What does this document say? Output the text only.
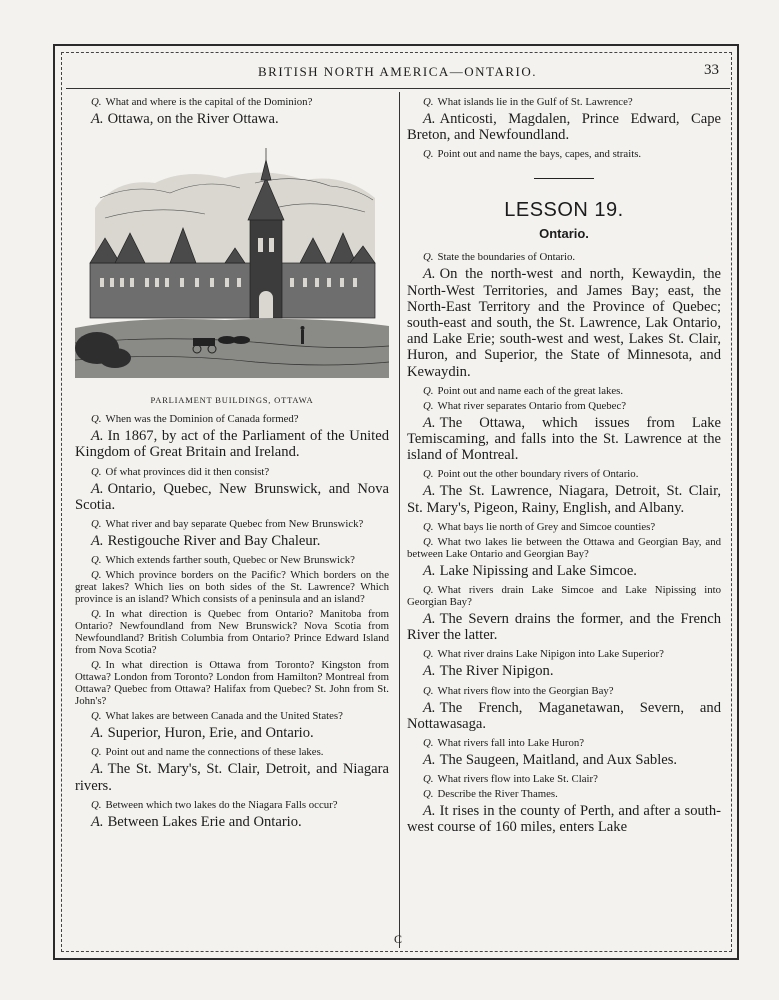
BRITISH NORTH AMERICA—ONTARIO.	33
Q. What and where is the capital of the Dominion?
A. Ottawa, on the River Ottawa.
PARLIAMENT BUILDINGS, OTTAWA
Q. When was the Dominion of Canada formed?
A. In 1867, by act of the Parliament of the United Kingdom of Great Britain and Ireland.
Q. Of what provinces did it then consist?
A. Ontario, Quebec, New Brunswick, and Nova Scotia.
Q. What river and bay separate Quebec from New Brunswick?
A. Restigouche River and Bay Chaleur.
Q. Which extends farther south, Quebec or New Brunswick?
Q. Which province borders on the Pacific? Which borders on the great lakes? Which lies on both sides of the St. Lawrence? Which province is an island? Which consists of a peninsula and an island?
Q. In what direction is Quebec from Ontario? Manitoba from Ontario? Newfoundland from New Brunswick? Nova Scotia from Newfoundland? British Columbia from Ontario? Prince Edward Island from Nova Scotia?
Q. In what direction is Ottawa from Toronto? Kingston from Ottawa? London from Toronto? London from Hamilton? Montreal from Ottawa? Quebec from Ottawa? Halifax from Quebec? St. John from St. John's?
Q. What lakes are between Canada and the United States?
A. Superior, Huron, Erie, and Ontario.
Q. Point out and name the connections of these lakes.
A. The St. Mary's, St. Clair, Detroit, and Niagara rivers.
Q. Between which two lakes do the Niagara Falls occur?
A. Between Lakes Erie and Ontario.
Q. What islands lie in the Gulf of St. Lawrence?
A. Anticosti, Magdalen, Prince Edward, Cape Breton, and Newfoundland.
Q. Point out and name the bays, capes, and straits.
LESSON 19.
Ontario.
Q. State the boundaries of Ontario.
A. On the north-west and north, Kewaydin, the North-West Territories, and James Bay; east, the North-East Territory and the Province of Quebec; south-east and south, the St. Lawrence, Lak Ontario, and Lake Erie; south-west and west, Lakes St. Clair, Huron, and Superior, the State of Minnesota, and Kewaydin.
Q. Point out and name each of the great lakes.
Q. What river separates Ontario from Quebec?
A. The Ottawa, which issues from Lake Temiscaming, and falls into the St. Lawrence at the island of Montreal.
Q. Point out the other boundary rivers of Ontario.
A. The St. Lawrence, Niagara, Detroit, St. Clair, St. Mary's, Pigeon, Rainy, English, and Albany.
Q. What bays lie north of Grey and Simcoe counties?
Q. What two lakes lie between the Ottawa and Georgian Bay, and between Lake Ontario and Georgian Bay?
A. Lake Nipissing and Lake Simcoe.
Q. What rivers drain Lake Simcoe and Lake Nipissing into Georgian Bay?
A. The Severn drains the former, and the French River the latter.
Q. What river drains Lake Nipigon into Lake Superior?
A. The River Nipigon.
Q. What rivers flow into the Georgian Bay?
A. The French, Maganetawan, Severn, and Nottawasaga.
Q. What rivers fall into Lake Huron?
A. The Saugeen, Maitland, and Aux Sables.
Q. What rivers flow into Lake St. Clair?
Q. Describe the River Thames.
A. It rises in the county of Perth, and after a south-west course of 160 miles, enters Lake
C
